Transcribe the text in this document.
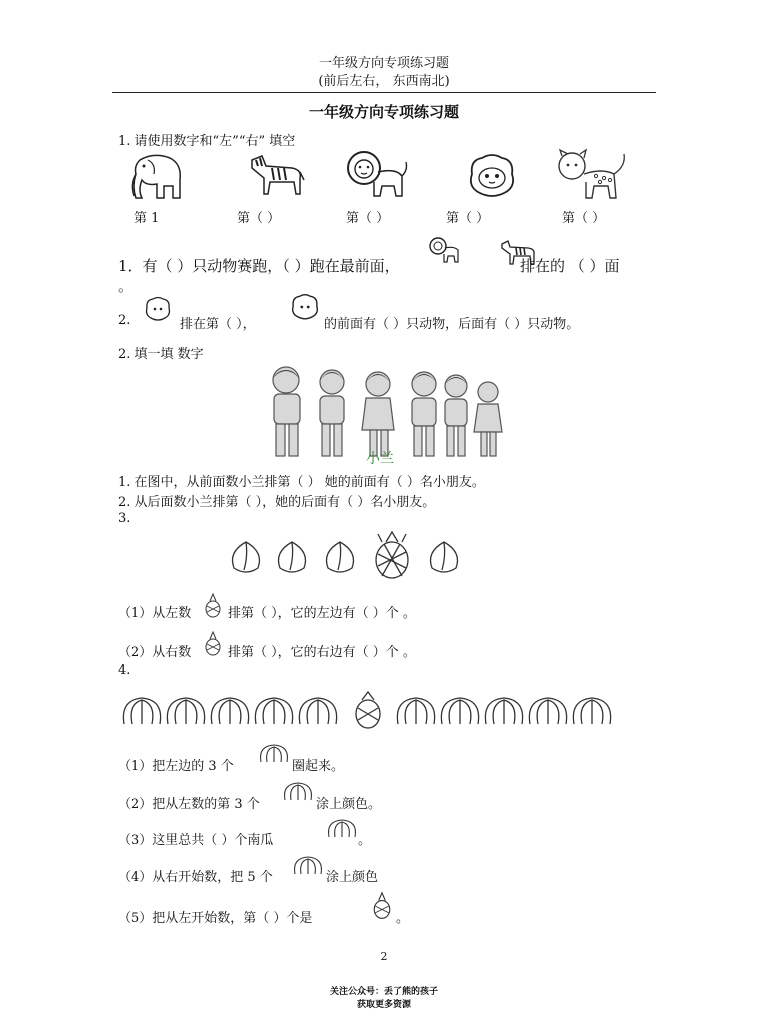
一年级方向专项练习题
(前后左右， 东西南北)
一年级方向专项练习题
1. 请使用数字和“左”“右” 填空
第 1	第（ ）	第（ ）	第（ ）	第（ ）
1．有（ ）只动物赛跑，（ ）跑在最前面，	排在的 （ ）面
。
2.	排在第（ ），	的前面有（ ）只动物，后面有（ ）只动物。
2. 填一填 数字
小兰
1. 在图中，从前面数小兰排第（ ） 她的前面有（ ）名小朋友。
2. 从后面数小兰排第（ ），她的后面有（ ）名小朋友。
3.
（1）从左数	排第（ ），它的左边有（ ）个 。
（2）从右数	排第（ ），它的右边有（ ）个 。
4.
（1）把左边的 3 个	圈起来。
（2）把从左数的第 3 个	涂上颜色。
（3）这里总共（ ）个南瓜	。
（4）从右开始数，把 5 个	涂上颜色
（5）把从左开始数，第（ ）个是	。
2
关注公众号：丢了熊的孩子
获取更多资源
